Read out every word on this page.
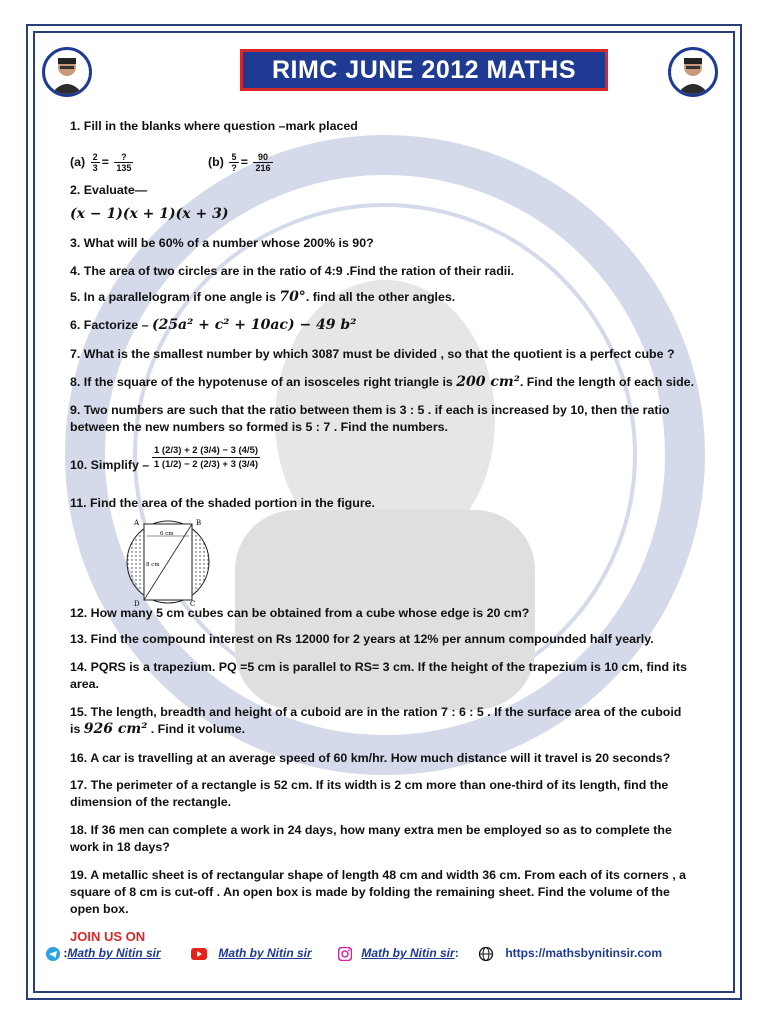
RIMC JUNE 2012 MATHS
1. Fill in the blanks where question –mark placed
$(a) \frac{2}{3} = \frac{?}{135}$	$(b) \frac{5}{?} = \frac{90}{216}$
2. Evaluate—
(x − 1)(x + 1)(x + 3)
3. What will be 60% of a number whose 200% is 90?
4. The area of two circles are in the ratio of 4:9 .Find the ration of their radii.
5. In a parallelogram if one angle is 70°. find all the other angles.
6. Factorize – (25a² + c² + 10ac) − 49 b²
7. What is the smallest number by which 3087 must be divided , so that the quotient is a perfect cube ?
8. If the square of the hypotenuse of an isosceles right triangle is 200 cm². Find the length of each side.
9. Two numbers are such that the ratio between them is 3 : 5 . if each is increased by 10, then the ratio
between the new numbers so formed is 5 : 7 . Find the numbers.
10. Simplify – $\frac{1 (2/3) + 2 (3/4) - 3 (4/5)}{1 (1/2) - 2 (2/3) + 3 (3/4)}$
11. Find the area of the shaded portion in the figure.
A	B
C
D
6 cm
8 cm
12. How many 5 cm cubes can be obtained from a cube whose edge is 20 cm?
13. Find the compound interest on Rs 12000 for 2 years at 12% per annum compounded half yearly.
14. PQRS is a trapezium. PQ =5 cm is parallel to RS= 3 cm. If the height of the trapezium is 10 cm, find its
area.
15. The length, breadth and height of a cuboid are in the ration 7 : 6 : 5 . If the surface area of the cuboid
is 926 cm² . Find it volume.
16. A car is travelling at an average speed of 60 km/hr. How much distance will it travel is 20 seconds?
17. The perimeter of a rectangle is 52 cm. If its width is 2 cm more than one-third of its length, find the
dimension of the rectangle.
18. If 36 men can complete a work in 24 days, how many extra men be employed so as to complete the
work in 18 days?
19. A metallic sheet is of rectangular shape of length 48 cm and width 36 cm. From each of its corners , a
square of 8 cm is cut-off . An open box is made by folding the remaining sheet. Find the volume of the
open box.
JOIN US ON
:Math by Nitin sir	Math by Nitin sir	Math by Nitin sir:	https://mathsbynitinsir.com
